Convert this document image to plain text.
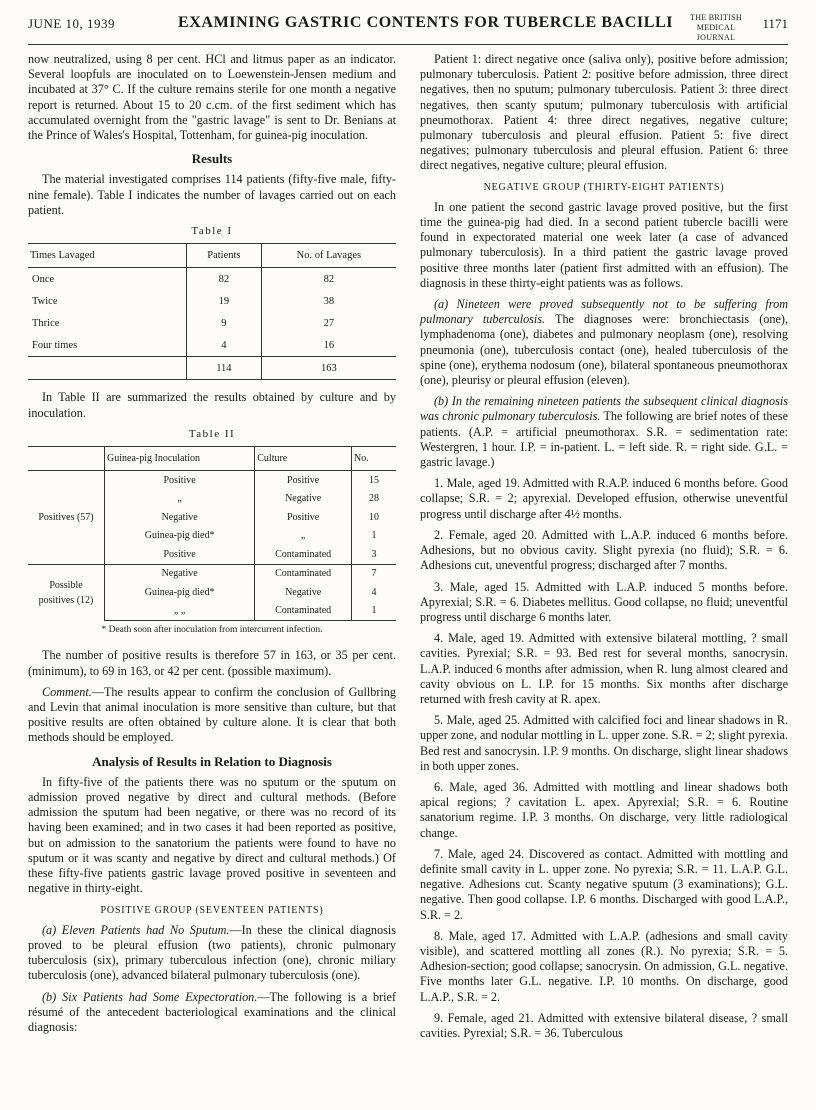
JUNE 10, 1939	EXAMINING GASTRIC CONTENTS FOR TUBERCLE BACILLI	THE BRITISH MEDICAL JOURNAL
1171

now neutralized, using 8 per cent. HCl and litmus paper as an indicator. Several loopfuls are inoculated on to Loewenstein-Jensen medium and incubated at 37° C. If the culture remains sterile for one month a negative report is returned. About 15 to 20 c.cm. of the first sediment which has accumulated overnight from the "gastric lavage" is sent to Dr. Benians at the Prince of Wales's Hospital, Tottenham, for guinea-pig inoculation.

Results

The material investigated comprises 114 patients (fifty-five male, fifty-nine female). Table I indicates the number of lavages carried out on each patient.

Table I
Times Lavaged	Patients	No. of Lavages
Once	82	82
Twice	19	38
Thrice	9	27
Four times	4	16
	114	163

In Table II are summarized the results obtained by culture and by inoculation.

Table II
	Guinea-pig Inoculation	Culture	No.
Positives (57)	Positive	Positive	15
	„	Negative	28
	Negative	Positive	10
	Guinea-pig died*	„	1
	Positive	Contaminated	3
Possible positives (12)	Negative	Contaminated	7
	Guinea-pig died*	Negative	4
	„ „	Contaminated	1
* Death soon after inoculation from intercurrent infection.

The number of positive results is therefore 57 in 163, or 35 per cent. (minimum), to 69 in 163, or 42 per cent. (possible maximum).

Comment.—The results appear to confirm the conclusion of Gullbring and Levin that animal inoculation is more sensitive than culture, but that positive results are often obtained by culture alone. It is clear that both methods should be employed.

Analysis of Results in Relation to Diagnosis

In fifty-five of the patients there was no sputum or the sputum on admission proved negative by direct and cultural methods. (Before admission the sputum had been negative, or there was no record of its having been examined; and in two cases it had been reported as positive, but on admission to the sanatorium the patients were found to have no sputum or it was scanty and negative by direct and cultural methods.) Of these fifty-five patients gastric lavage proved positive in seventeen and negative in thirty-eight.

POSITIVE GROUP (SEVENTEEN PATIENTS)

(a) Eleven Patients had No Sputum.—In these the clinical diagnosis proved to be pleural effusion (two patients), chronic pulmonary tuberculosis (six), primary tuberculous infection (one), chronic miliary tuberculosis (one), advanced bilateral pulmonary tuberculosis (one).

(b) Six Patients had Some Expectoration.—The following is a brief résumé of the antecedent bacteriological examinations and the clinical diagnosis:

Patient 1: direct negative once (saliva only), positive before admission; pulmonary tuberculosis. Patient 2: positive before admission, three direct negatives, then no sputum; pulmonary tuberculosis. Patient 3: three direct negatives, then scanty sputum; pulmonary tuberculosis with artificial pneumothorax. Patient 4: three direct negatives, negative culture; pulmonary tuberculosis and pleural effusion. Patient 5: five direct negatives; pulmonary tuberculosis and pleural effusion. Patient 6: three direct negatives, negative culture; pleural effusion.

NEGATIVE GROUP (THIRTY-EIGHT PATIENTS)

In one patient the second gastric lavage proved positive, but the first time the guinea-pig had died. In a second patient tubercle bacilli were found in expectorated material one week later (a case of advanced pulmonary tuberculosis). In a third patient the gastric lavage proved positive three months later (patient first admitted with an effusion). The diagnosis in these thirty-eight patients was as follows.

(a) Nineteen were proved subsequently not to be suffering from pulmonary tuberculosis. The diagnoses were: bronchiectasis (one), lymphadenoma (one), diabetes and pulmonary neoplasm (one), resolving pneumonia (one), tuberculosis contact (one), healed tuberculosis of the spine (one), erythema nodosum (one), bilateral spontaneous pneumothorax (one), pleurisy or pleural effusion (eleven).

(b) In the remaining nineteen patients the subsequent clinical diagnosis was chronic pulmonary tuberculosis. The following are brief notes of these patients. (A.P. = artificial pneumothorax. S.R. = sedimentation rate: Westergren, 1 hour. I.P. = in-patient. L. = left side. R. = right side. G.L. = gastric lavage.)

1. Male, aged 19. Admitted with R.A.P. induced 6 months before. Good collapse; S.R. = 2; apyrexial. Developed effusion, otherwise uneventful progress until discharge after 4½ months.

2. Female, aged 20. Admitted with L.A.P. induced 6 months before. Adhesions, but no obvious cavity. Slight pyrexia (no fluid); S.R. = 6. Adhesions cut, uneventful progress; discharged after 7 months.

3. Male, aged 15. Admitted with L.A.P. induced 5 months before. Apyrexial; S.R. = 6. Diabetes mellitus. Good collapse, no fluid; uneventful progress until discharge 6 months later.

4. Male, aged 19. Admitted with extensive bilateral mottling, ? small cavities. Pyrexial; S.R. = 93. Bed rest for several months, sanocrysin. L.A.P. induced 6 months after admission, when R. lung almost cleared and cavity obvious on L. I.P. for 15 months. Six months after discharge returned with fresh cavity at R. apex.

5. Male, aged 25. Admitted with calcified foci and linear shadows in R. upper zone, and nodular mottling in L. upper zone. S.R. = 2; slight pyrexia. Bed rest and sanocrysin. I.P. 9 months. On discharge, slight linear shadows in both upper zones.

6. Male, aged 36. Admitted with mottling and linear shadows both apical regions; ? cavitation L. apex. Apyrexial; S.R. = 6. Routine sanatorium regime. I.P. 3 months. On discharge, very little radiological change.

7. Male, aged 24. Discovered as contact. Admitted with mottling and definite small cavity in L. upper zone. No pyrexia; S.R. = 11. L.A.P. G.L. negative. Adhesions cut. Scanty negative sputum (3 examinations); G.L. negative. Then good collapse. I.P. 6 months. Discharged with good L.A.P., S.R. = 2.

8. Male, aged 17. Admitted with L.A.P. (adhesions and small cavity visible), and scattered mottling all zones (R.). No pyrexia; S.R. = 5. Adhesion-section; good collapse; sanocrysin. On admission, G.L. negative. Five months later G.L. negative. I.P. 10 months. On discharge, good L.A.P., S.R. = 2.

9. Female, aged 21. Admitted with extensive bilateral disease, ? small cavities. Pyrexial; S.R. = 36. Tuberculous
